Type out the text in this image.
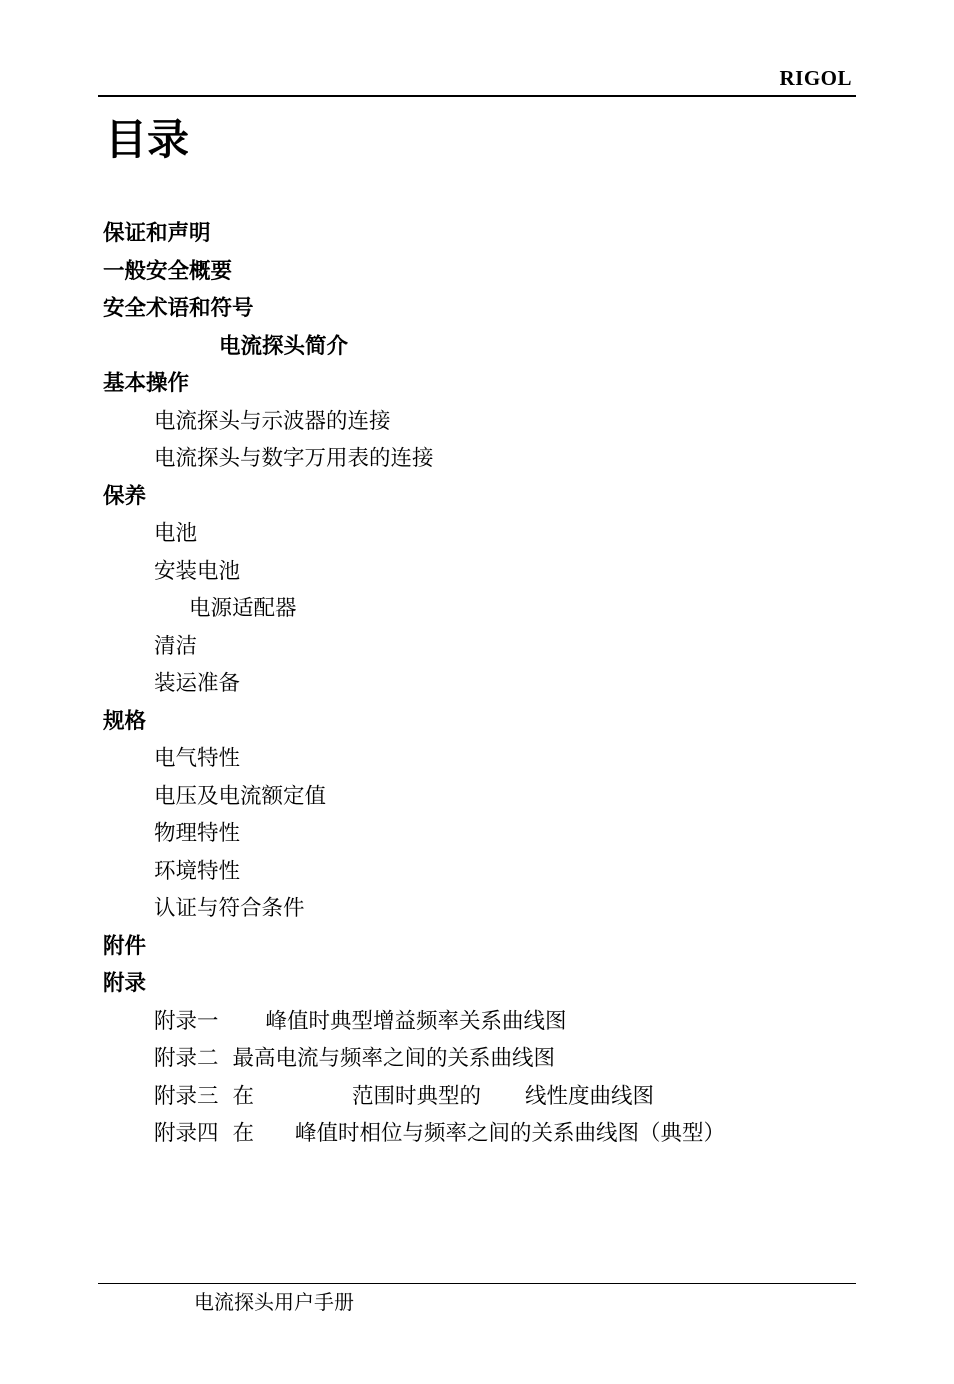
RIGOL
目录
保证和声明
一般安全概要
安全术语和符号
电流探头简介
基本操作
电流探头与示波器的连接
电流探头与数字万用表的连接
保养
电池
安装电池
电源适配器
清洁
装运准备
规格
电气特性
电压及电流额定值
物理特性
环境特性
认证与符合条件
附件
附录
附录一 峰值时典型增益频率关系曲线图
附录二 最高电流与频率之间的关系曲线图
附录三 在	范围时典型的 线性度曲线图
附录四 在 峰值时相位与频率之间的关系曲线图（典型）
电流探头用户手册
